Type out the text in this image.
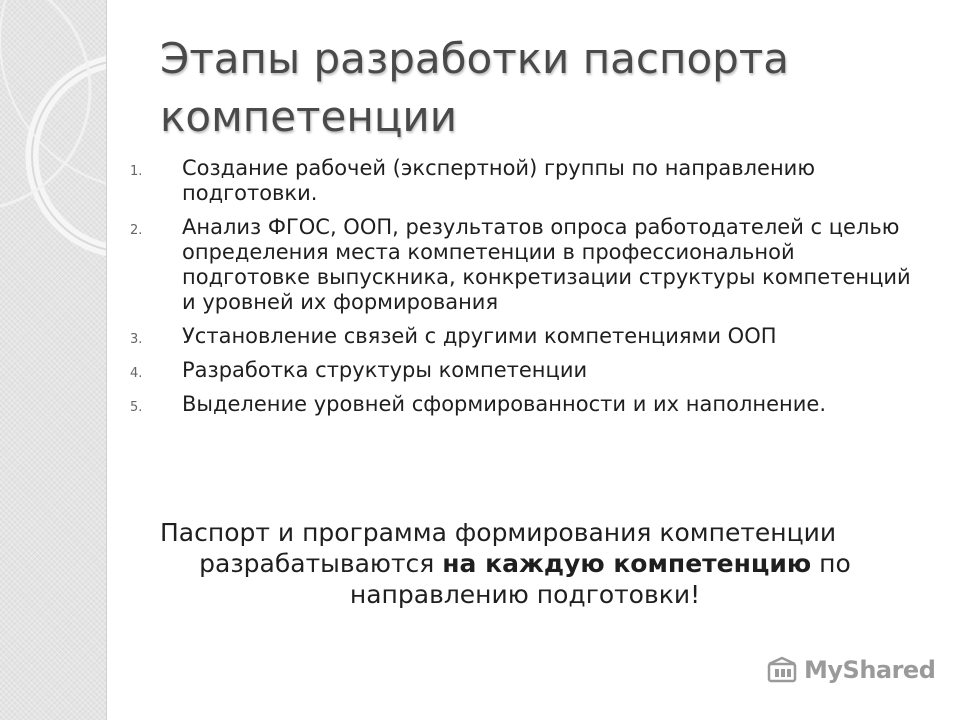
Этапы разработки паспорта компетенции
1. Создание рабочей (экспертной) группы по направлению подготовки.
2. Анализ ФГОС, ООП, результатов опроса работодателей с целью определения места компетенции в профессиональной подготовке выпускника, конкретизации структуры компетенций и уровней их формирования
3. Установление связей с другими компетенциями ООП
4. Разработка структуры компетенции
5. Выделение уровней сформированности и их наполнение.

Паспорт и программа формирования компетенции
разрабатываются на каждую компетенцию по
направлению подготовки!

MyShared
